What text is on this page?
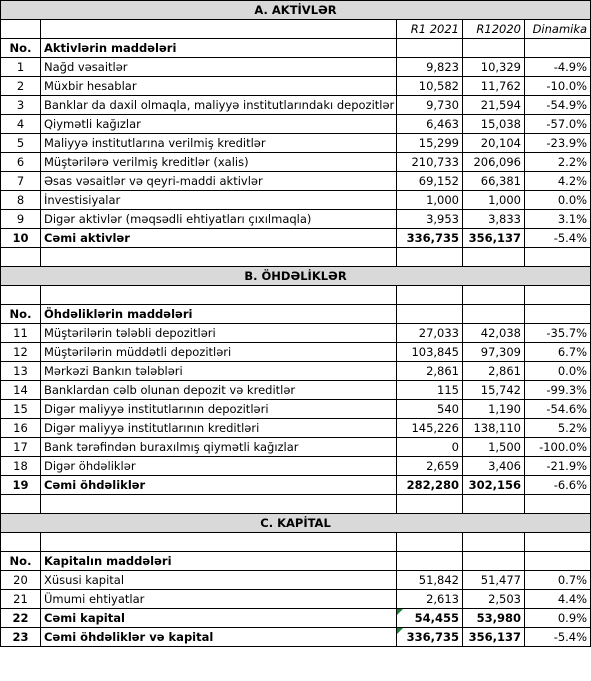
A. AKTİVLƏR				
		R1 2021	R12020	Dinamika
No.	Aktivlərin maddələri			
1	Nağd vəsaitlər	9,823	10,329	-4.9%
2	Müxbir hesablar	10,582	11,762	-10.0%
3	Banklar da daxil olmaqla, maliyyə institutlarındakı depozitlər	9,730	21,594	-54.9%
4	Qiymətli kağızlar	6,463	15,038	-57.0%
5	Maliyyə institutlarına verilmiş kreditlər	15,299	20,104	-23.9%
6	Müştərilərə verilmiş kreditlər (xalis)	210,733	206,096	2.2%
7	Əsas vəsaitlər və qeyri-maddi aktivlər	69,152	66,381	4.2%
8	İnvestisiyalar	1,000	1,000	0.0%
9	Digər aktivlər (məqsədli ehtiyatları çıxılmaqla)	3,953	3,833	3.1%
10	Cəmi aktivlər	336,735	356,137	-5.4%

B. ÖHDƏLİKLƏR				

No.	Öhdəliklərin maddələri			
11	Müştərilərin tələbli depozitləri	27,033	42,038	-35.7%
12	Müştərilərin müddətli depozitləri	103,845	97,309	6.7%
13	Mərkəzi Bankın tələbləri	2,861	2,861	0.0%
14	Banklardan cəlb olunan depozit və kreditlər	115	15,742	-99.3%
15	Digər maliyyə institutlarının depozitləri	540	1,190	-54.6%
16	Digər maliyyə institutlarının kreditləri	145,226	138,110	5.2%
17	Bank tərəfindən buraxılmış qiymətli kağızlar	0	1,500	-100.0%
18	Digər öhdəliklər	2,659	3,406	-21.9%
19	Cəmi öhdəliklər	282,280	302,156	-6.6%

C. KAPİTAL				

No.	Kapitalın maddələri			
20	Xüsusi kapital	51,842	51,477	0.7%
21	Ümumi ehtiyatlar	2,613	2,503	4.4%
22	Cəmi kapital	54,455	53,980	0.9%
23	Cəmi öhdəliklər və kapital	336,735	356,137	-5.4%
